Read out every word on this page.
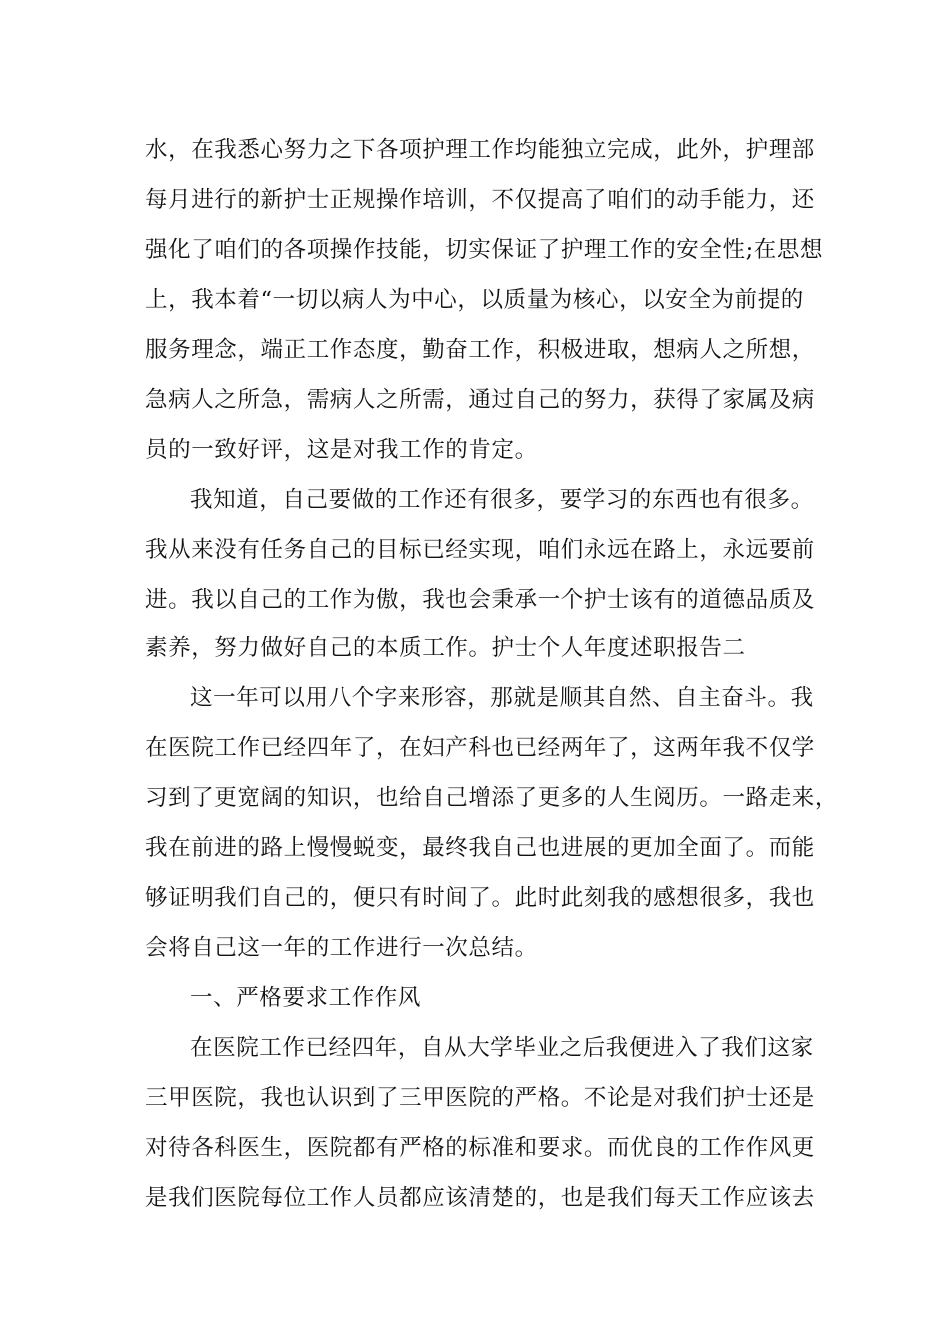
水，在我悉心努力之下各项护理工作均能独立完成，此外，护理部
每月进行的新护士正规操作培训，不仅提高了咱们的动手能力，还
强化了咱们的各项操作技能，切实保证了护理工作的安全性;在思想
上，我本着“一切以病人为中心，以质量为核心，以安全为前提的
服务理念，端正工作态度，勤奋工作，积极进取，想病人之所想，
急病人之所急，需病人之所需，通过自己的努力，获得了家属及病
员的一致好评，这是对我工作的肯定。
我知道，自己要做的工作还有很多，要学习的东西也有很多。
我从来没有任务自己的目标已经实现，咱们永远在路上，永远要前
进。我以自己的工作为傲，我也会秉承一个护士该有的道德品质及
素养，努力做好自己的本质工作。护士个人年度述职报告二
这一年可以用八个字来形容，那就是顺其自然、自主奋斗。我
在医院工作已经四年了，在妇产科也已经两年了，这两年我不仅学
习到了更宽阔的知识，也给自己增添了更多的人生阅历。一路走来，
我在前进的路上慢慢蜕变，最终我自己也进展的更加全面了。而能
够证明我们自己的，便只有时间了。此时此刻我的感想很多，我也
会将自己这一年的工作进行一次总结。
一、严格要求工作作风
在医院工作已经四年，自从大学毕业之后我便进入了我们这家
三甲医院，我也认识到了三甲医院的严格。不论是对我们护士还是
对待各科医生，医院都有严格的标准和要求。而优良的工作作风更
是我们医院每位工作人员都应该清楚的，也是我们每天工作应该去
